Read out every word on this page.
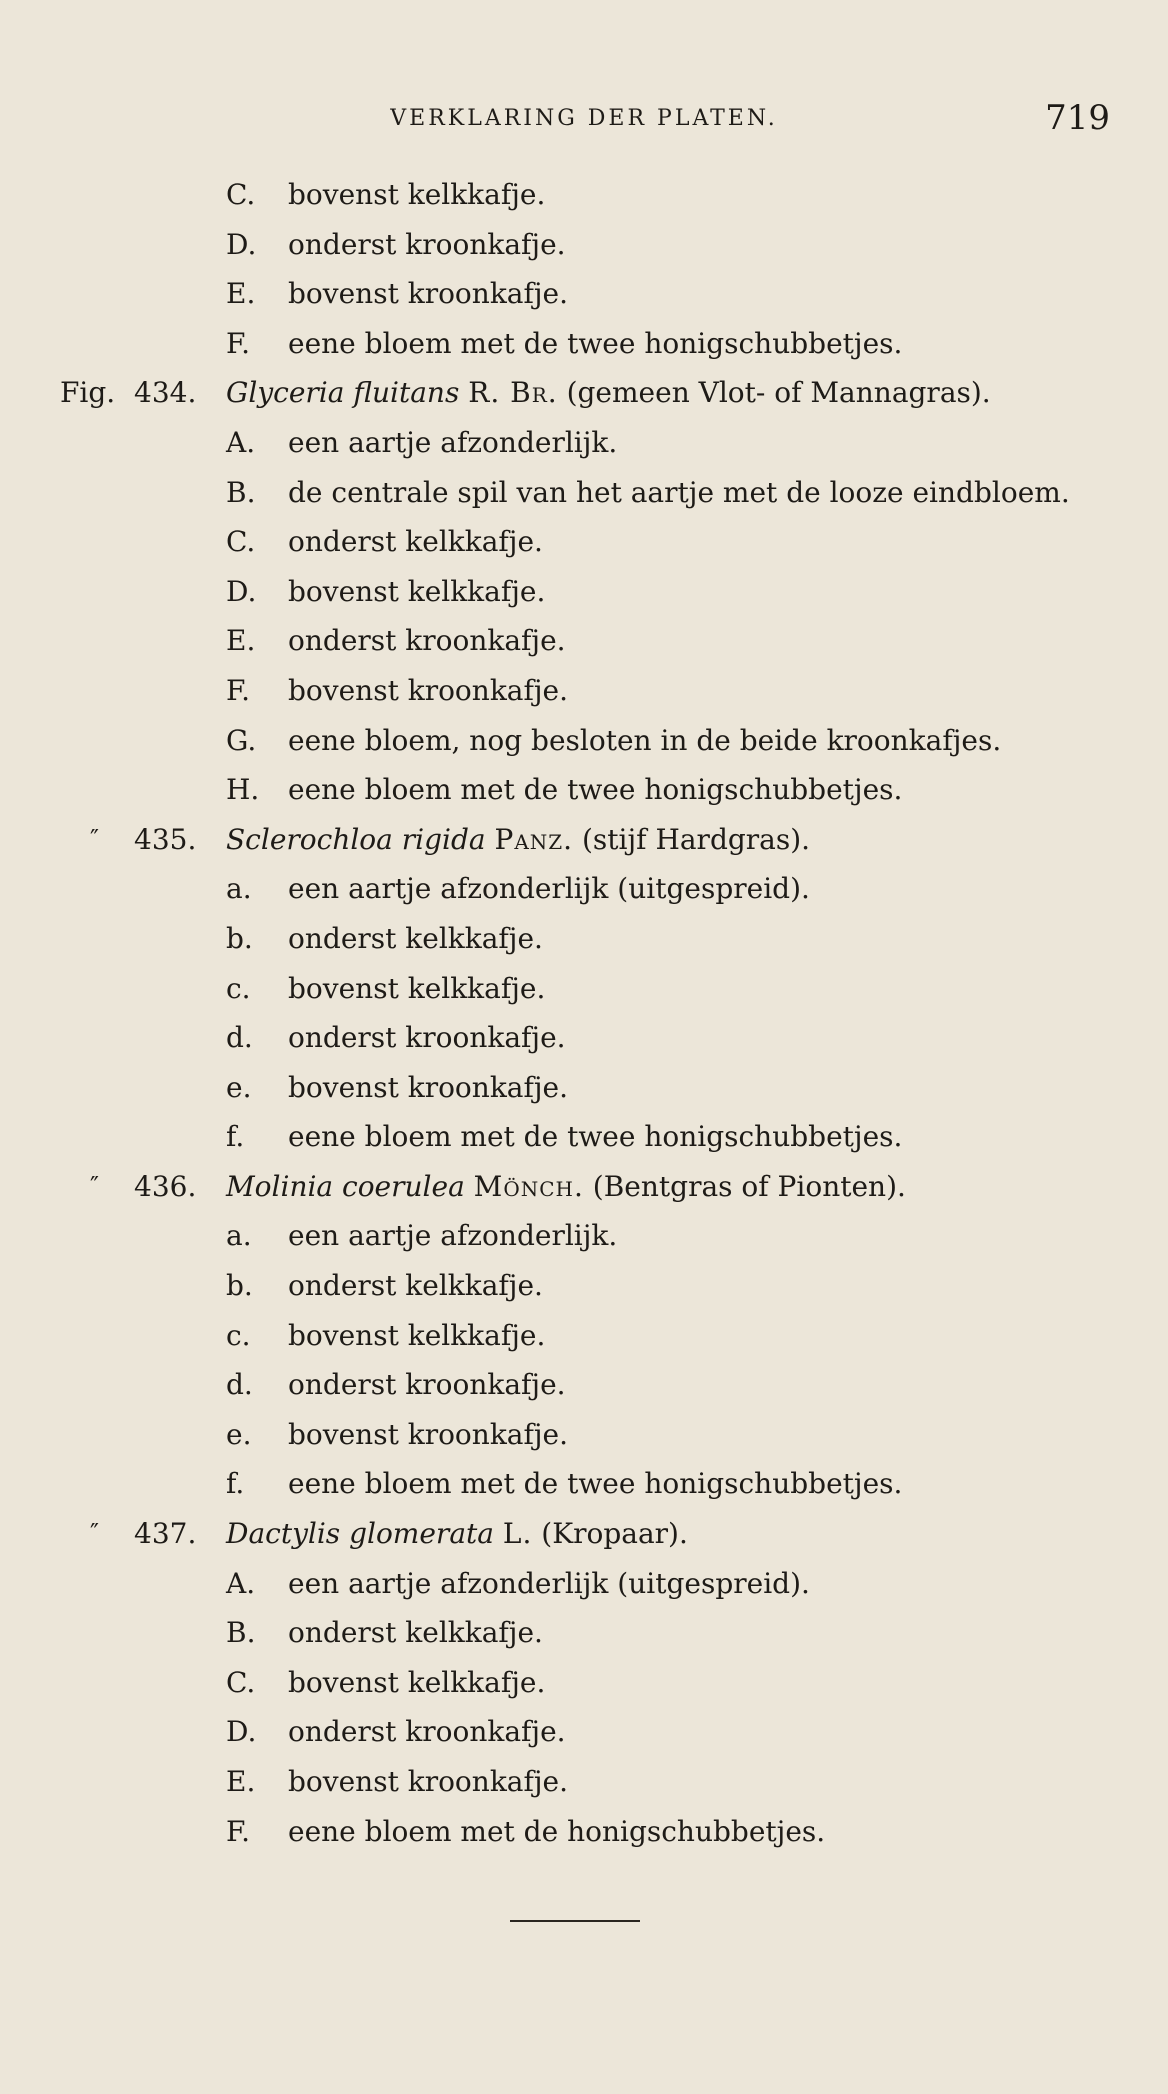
VERKLARING DER PLATEN.	719
C.	bovenst kelkkafje.
D.	onderst kroonkafje.
E.	bovenst kroonkafje.
F.	eene bloem met de twee honigschubbetjes.
Fig. 434. Glyceria fluitans R. Br. (gemeen Vlot- of Mannagras).
A.	een aartje afzonderlijk.
B.	de centrale spil van het aartje met de looze eindbloem.
C.	onderst kelkkafje.
D.	bovenst kelkkafje.
E.	onderst kroonkafje.
F.	bovenst kroonkafje.
G.	eene bloem, nog besloten in de beide kroonkafjes.
H. eene bloem met de twee honigschubbetjes.
″ 435. Sclerochloa rigida Panz. (stijf Hardgras).
a.	een aartje afzonderlijk (uitgespreid).
b.	onderst kelkkafje.
c.	bovenst kelkkafje.
d.	onderst kroonkafje.
e.	bovenst kroonkafje.
f.	eene bloem met de twee honigschubbetjes.
″ 436. Molinia coerulea Mönch. (Bentgras of Pionten).
a.	een aartje afzonderlijk.
b.	onderst kelkkafje.
c.	bovenst kelkkafje.
d.	onderst kroonkafje.
e.	bovenst kroonkafje.
f.	eene bloem met de twee honigschubbetjes.
″ 437. Dactylis glomerata L. (Kropaar).
A.	een aartje afzonderlijk (uitgespreid).
B.	onderst kelkkafje.
C.	bovenst kelkkafje.
D.	onderst kroonkafje.
E.	bovenst kroonkafje.
F.	eene bloem met de honigschubbetjes.
